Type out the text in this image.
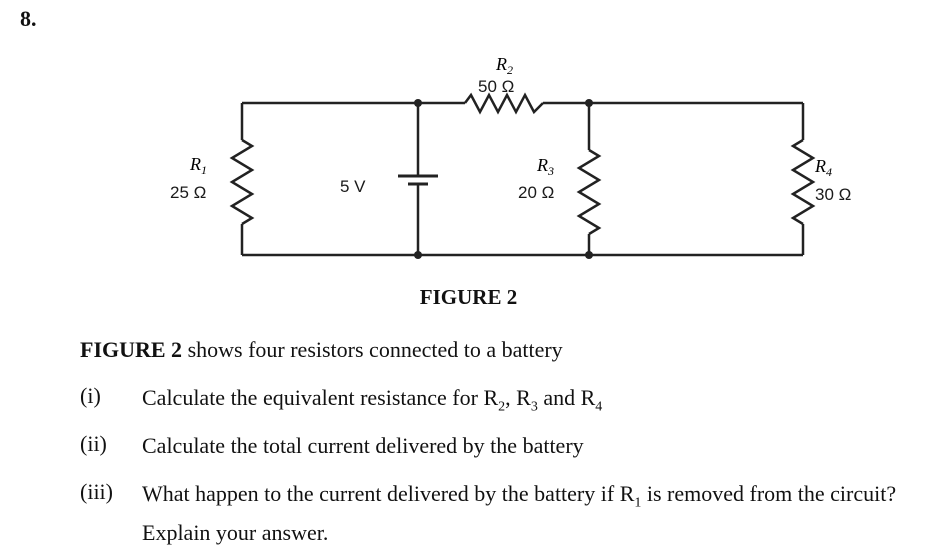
8.
$R_1$
25 Ω
$R_2$
50 Ω
$R_3$
20 Ω
$R_4$
30 Ω
5 V
FIGURE 2
FIGURE 2 shows four resistors connected to a battery
(i)	Calculate the equivalent resistance for $R_2$, $R_3$ and $R_4$
(ii)	Calculate the total current delivered by the battery
(iii)	What happen to the current delivered by the battery if $R_1$ is removed from the circuit? Explain your answer.
